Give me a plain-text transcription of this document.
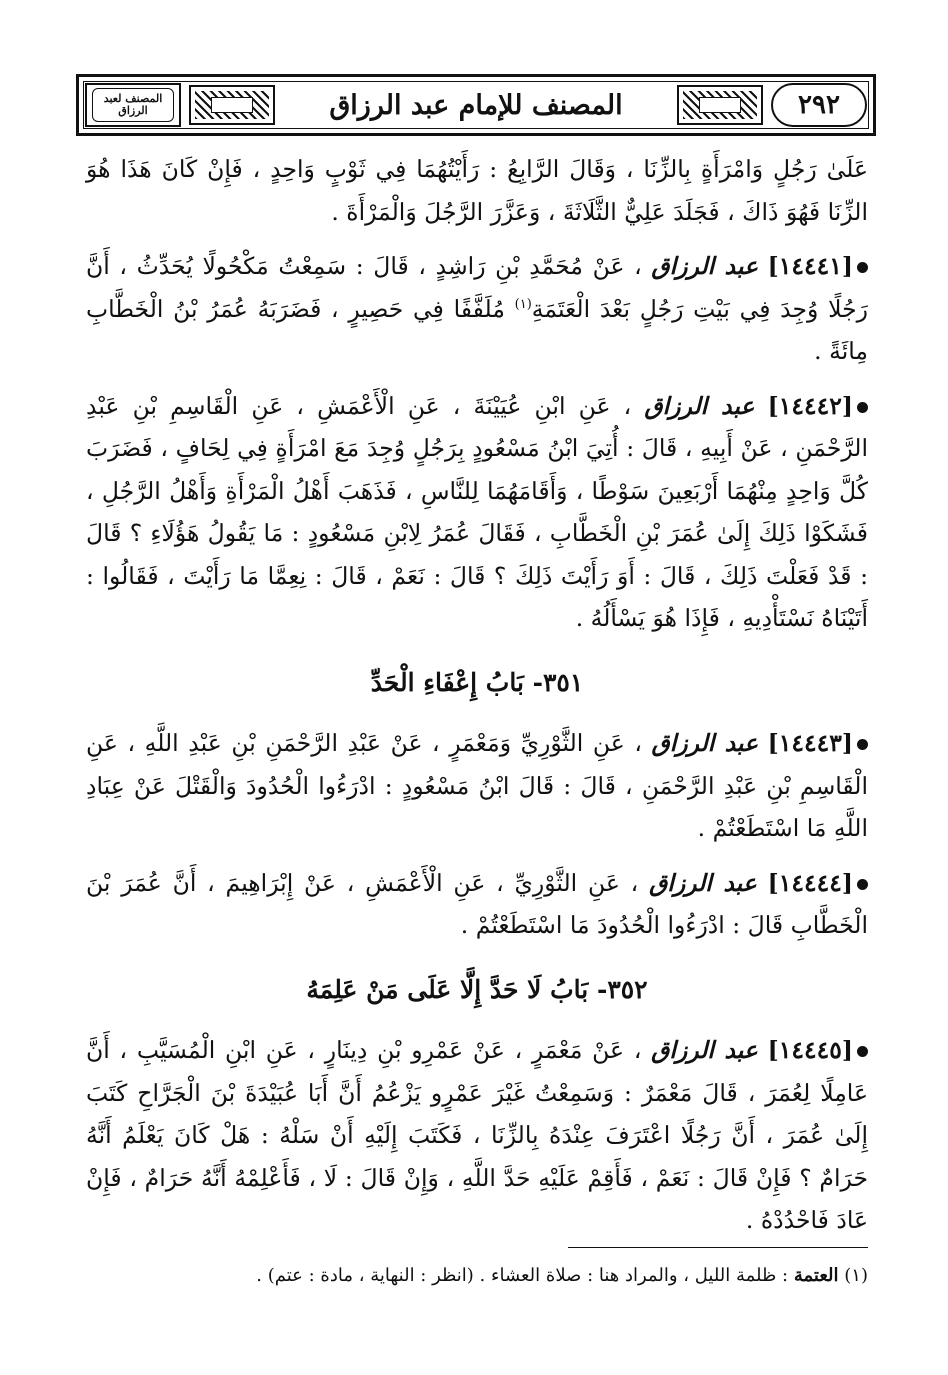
٢٩٢
المصنف للإمام عبد الرزاق
المصنف لعبد الرزاق

عَلَىٰ رَجُلٍ وَامْرَأَةٍ بِالزِّنَا ، وَقَالَ الرَّابِعُ : رَأَيْتُهُمَا فِي ثَوْبٍ وَاحِدٍ ، فَإِنْ كَانَ هَذَا هُوَ الزِّنَا فَهُوَ ذَاكَ ، فَجَلَدَ عَلِيٌّ الثَّلَاثَةَ ، وَعَزَّرَ الرَّجُلَ وَالْمَرْأَةَ .

[١٤٤٤١] عبد الرزاق ، عَنْ مُحَمَّدِ بْنِ رَاشِدٍ ، قَالَ : سَمِعْتُ مَكْحُولًا يُحَدِّثُ ، أَنَّ رَجُلًا وُجِدَ فِي بَيْتِ رَجُلٍ بَعْدَ الْعَتَمَةِ$^{(١)}$ مُلَفَّفًا فِي حَصِيرٍ ، فَضَرَبَهُ عُمَرُ بْنُ الْخَطَّابِ مِائَةً .

[١٤٤٤٢] عبد الرزاق ، عَنِ ابْنِ عُيَيْنَةَ ، عَنِ الْأَعْمَشِ ، عَنِ الْقَاسِمِ بْنِ عَبْدِ الرَّحْمَنِ ، عَنْ أَبِيهِ ، قَالَ : أُتِيَ ابْنُ مَسْعُودٍ بِرَجُلٍ وُجِدَ مَعَ امْرَأَةٍ فِي لِحَافٍ ، فَضَرَبَ كُلَّ وَاحِدٍ مِنْهُمَا أَرْبَعِينَ سَوْطًا ، وَأَقَامَهُمَا لِلنَّاسِ ، فَذَهَبَ أَهْلُ الْمَرْأَةِ وَأَهْلُ الرَّجُلِ ، فَشَكَوْا ذَلِكَ إِلَىٰ عُمَرَ بْنِ الْخَطَّابِ ، فَقَالَ عُمَرُ لِابْنِ مَسْعُودٍ : مَا يَقُولُ هَؤُلَاءِ ؟ قَالَ : قَدْ فَعَلْتَ ذَلِكَ ، قَالَ : أَوَ رَأَيْتَ ذَلِكَ ؟ قَالَ : نَعَمْ ، قَالَ : نِعِمَّا مَا رَأَيْتَ ، فَقَالُوا : أَتَيْنَاهُ نَسْتَأْدِيهِ ، فَإِذَا هُوَ يَسْأَلُهُ .

٣٥١- بَابُ إِعْفَاءِ الْحَدِّ

[١٤٤٤٣] عبد الرزاق ، عَنِ الثَّوْرِيِّ وَمَعْمَرٍ ، عَنْ عَبْدِ الرَّحْمَنِ بْنِ عَبْدِ اللَّهِ ، عَنِ الْقَاسِمِ بْنِ عَبْدِ الرَّحْمَنِ ، قَالَ : قَالَ ابْنُ مَسْعُودٍ : ادْرَءُوا الْحُدُودَ وَالْقَتْلَ عَنْ عِبَادِ اللَّهِ مَا اسْتَطَعْتُمْ .

[١٤٤٤٤] عبد الرزاق ، عَنِ الثَّوْرِيِّ ، عَنِ الْأَعْمَشِ ، عَنْ إِبْرَاهِيمَ ، أَنَّ عُمَرَ بْنَ الْخَطَّابِ قَالَ : ادْرَءُوا الْحُدُودَ مَا اسْتَطَعْتُمْ .

٣٥٢- بَابُ لَا حَدَّ إِلَّا عَلَى مَنْ عَلِمَهُ

[١٤٤٤٥] عبد الرزاق ، عَنْ مَعْمَرٍ ، عَنْ عَمْرِو بْنِ دِينَارٍ ، عَنِ ابْنِ الْمُسَيَّبِ ، أَنَّ عَامِلًا لِعُمَرَ ، قَالَ مَعْمَرٌ : وَسَمِعْتُ غَيْرَ عَمْرٍو يَزْعُمُ أَنَّ أَبَا عُبَيْدَةَ بْنَ الْجَرَّاحِ كَتَبَ إِلَىٰ عُمَرَ ، أَنَّ رَجُلًا اعْتَرَفَ عِنْدَهُ بِالزِّنَا ، فَكَتَبَ إِلَيْهِ أَنْ سَلْهُ : هَلْ كَانَ يَعْلَمُ أَنَّهُ حَرَامٌ ؟ فَإِنْ قَالَ : نَعَمْ ، فَأَقِمْ عَلَيْهِ حَدَّ اللَّهِ ، وَإِنْ قَالَ : لَا ، فَأَعْلِمْهُ أَنَّهُ حَرَامٌ ، فَإِنْ عَادَ فَاحْدُدْهُ .

(١) العتمة : ظلمة الليل ، والمراد هنا : صلاة العشاء . (انظر : النهاية ، مادة : عتم) .
